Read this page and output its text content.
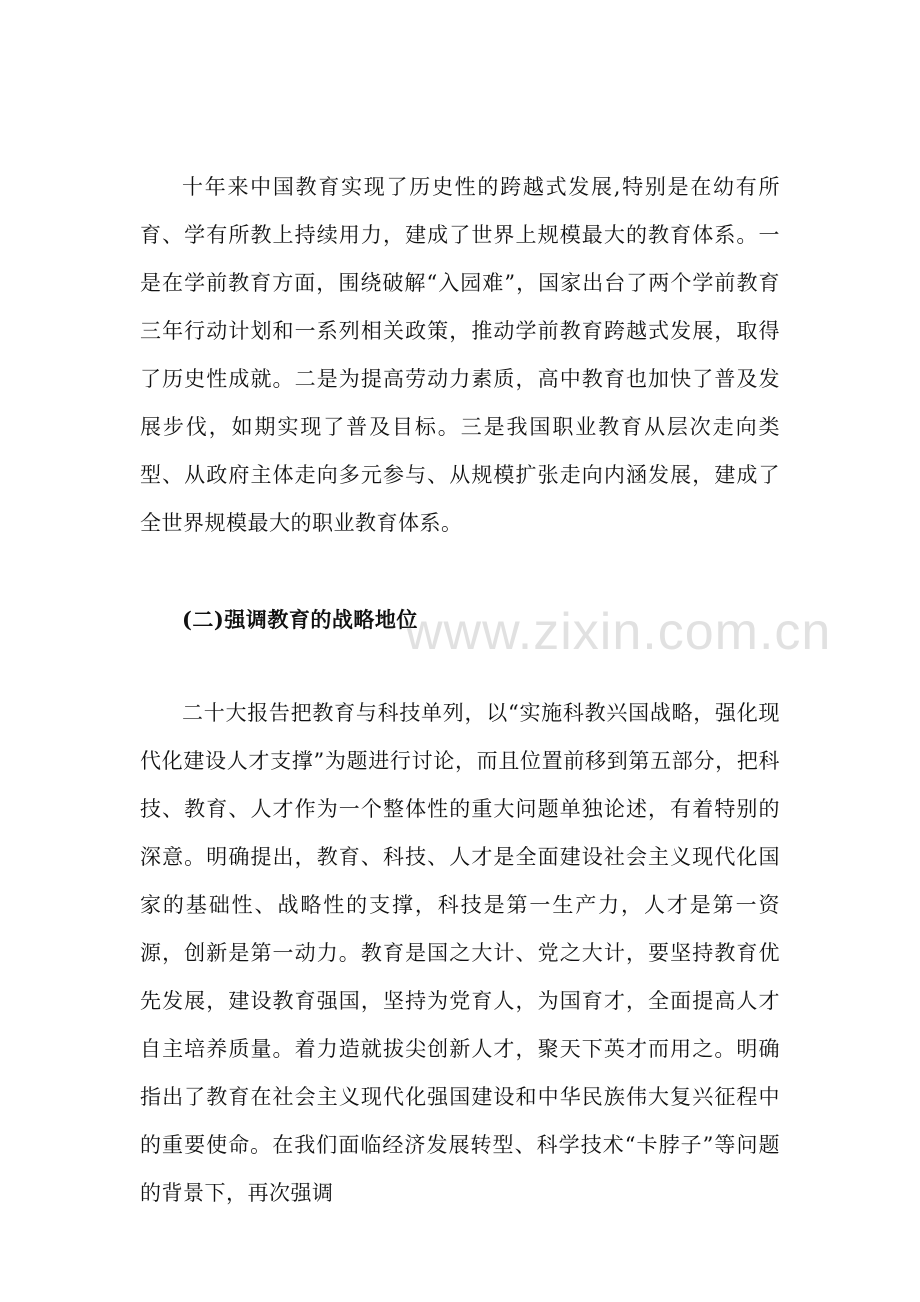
十年来中国教育实现了历史性的跨越式发展,特别是在幼有所育、学有所教上持续用力，建成了世界上规模最大的教育体系。一是在学前教育方面，围绕破解“入园难”，国家出台了两个学前教育三年行动计划和一系列相关政策，推动学前教育跨越式发展，取得了历史性成就。二是为提高劳动力素质，高中教育也加快了普及发展步伐，如期实现了普及目标。三是我国职业教育从层次走向类型、从政府主体走向多元参与、从规模扩张走向内涵发展，建成了全世界规模最大的职业教育体系。

(二)强调教育的战略地位

www.zixin.com.cn

二十大报告把教育与科技单列，以“实施科教兴国战略，强化现代化建设人才支撑”为题进行讨论，而且位置前移到第五部分，把科技、教育、人才作为一个整体性的重大问题单独论述，有着特别的深意。明确提出，教育、科技、人才是全面建设社会主义现代化国家的基础性、战略性的支撑，科技是第一生产力，人才是第一资源，创新是第一动力。教育是国之大计、党之大计，要坚持教育优先发展，建设教育强国，坚持为党育人，为国育才，全面提高人才自主培养质量。着力造就拔尖创新人才，聚天下英才而用之。明确指出了教育在社会主义现代化强国建设和中华民族伟大复兴征程中的重要使命。在我们面临经济发展转型、科学技术“卡脖子”等问题的背景下，再次强调
